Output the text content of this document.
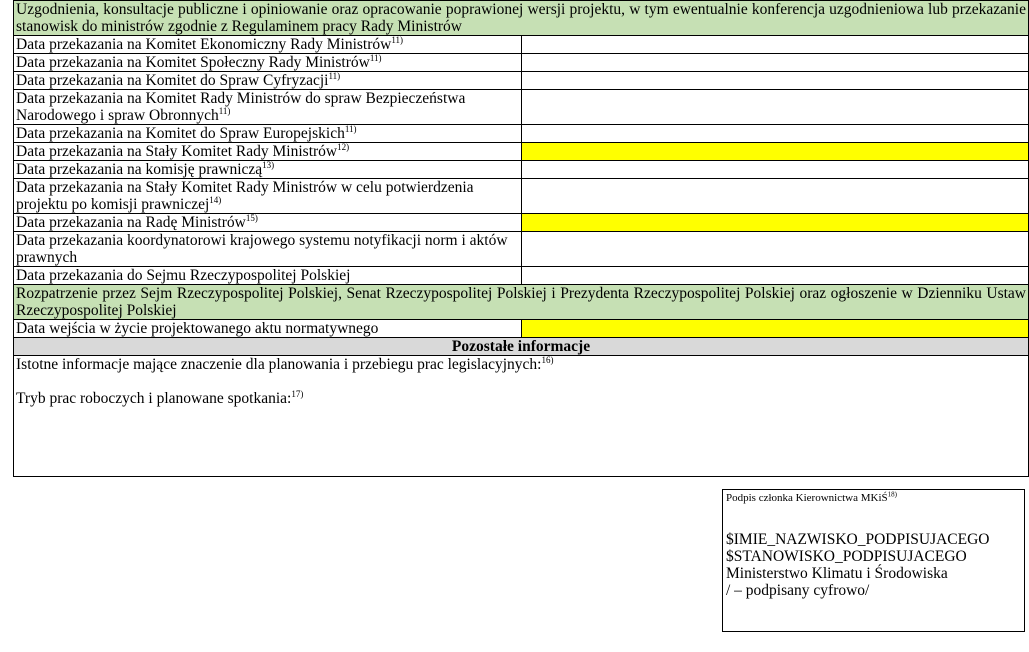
Uzgodnienia, konsultacje publiczne i opiniowanie oraz opracowanie poprawionej wersji projektu, w tym ewentualnie konferencja uzgodnieniowa lub przekazanie stanowisk do ministrów zgodnie z Regulaminem pracy Rady Ministrów	
Data przekazania na Komitet Ekonomiczny Rady Ministrów$^{11)}$	
Data przekazania na Komitet Społeczny Rady Ministrów$^{11)}$	
Data przekazania na Komitet do Spraw Cyfryzacji$^{11)}$	
Data przekazania na Komitet Rady Ministrów do spraw Bezpieczeństwa Narodowego i spraw Obronnych$^{11)}$	
Data przekazania na Komitet do Spraw Europejskich$^{11)}$	
Data przekazania na Stały Komitet Rady Ministrów$^{12)}$	
Data przekazania na komisję prawniczą$^{13)}$	
Data przekazania na Stały Komitet Rady Ministrów w celu potwierdzenia projektu po komisji prawniczej$^{14)}$	
Data przekazania na Radę Ministrów$^{15)}$	
Data przekazania koordynatorowi krajowego systemu notyfikacji norm i aktów prawnych	
Data przekazania do Sejmu Rzeczypospolitej Polskiej	
Rozpatrzenie przez Sejm Rzeczypospolitej Polskiej, Senat Rzeczypospolitej Polskiej i Prezydenta Rzeczypospolitej Polskiej oraz ogłoszenie w Dzienniku Ustaw Rzeczypospolitej Polskiej	
Data wejścia w życie projektowanego aktu normatywnego	
Pozostałe informacje	

Istotne informacje mające znaczenie dla planowania i przebiegu prac legislacyjnych:$^{16)}$

Tryb prac roboczych i planowane spotkania:$^{17)}$

Podpis członka Kierownictwa MKiŚ$^{18)}$
$IMIE_NAZWISKO_PODPISUJACEGO
$STANOWISKO_PODPISUJACEGO
Ministerstwo Klimatu i Środowiska
/ – podpisany cyfrowo/
